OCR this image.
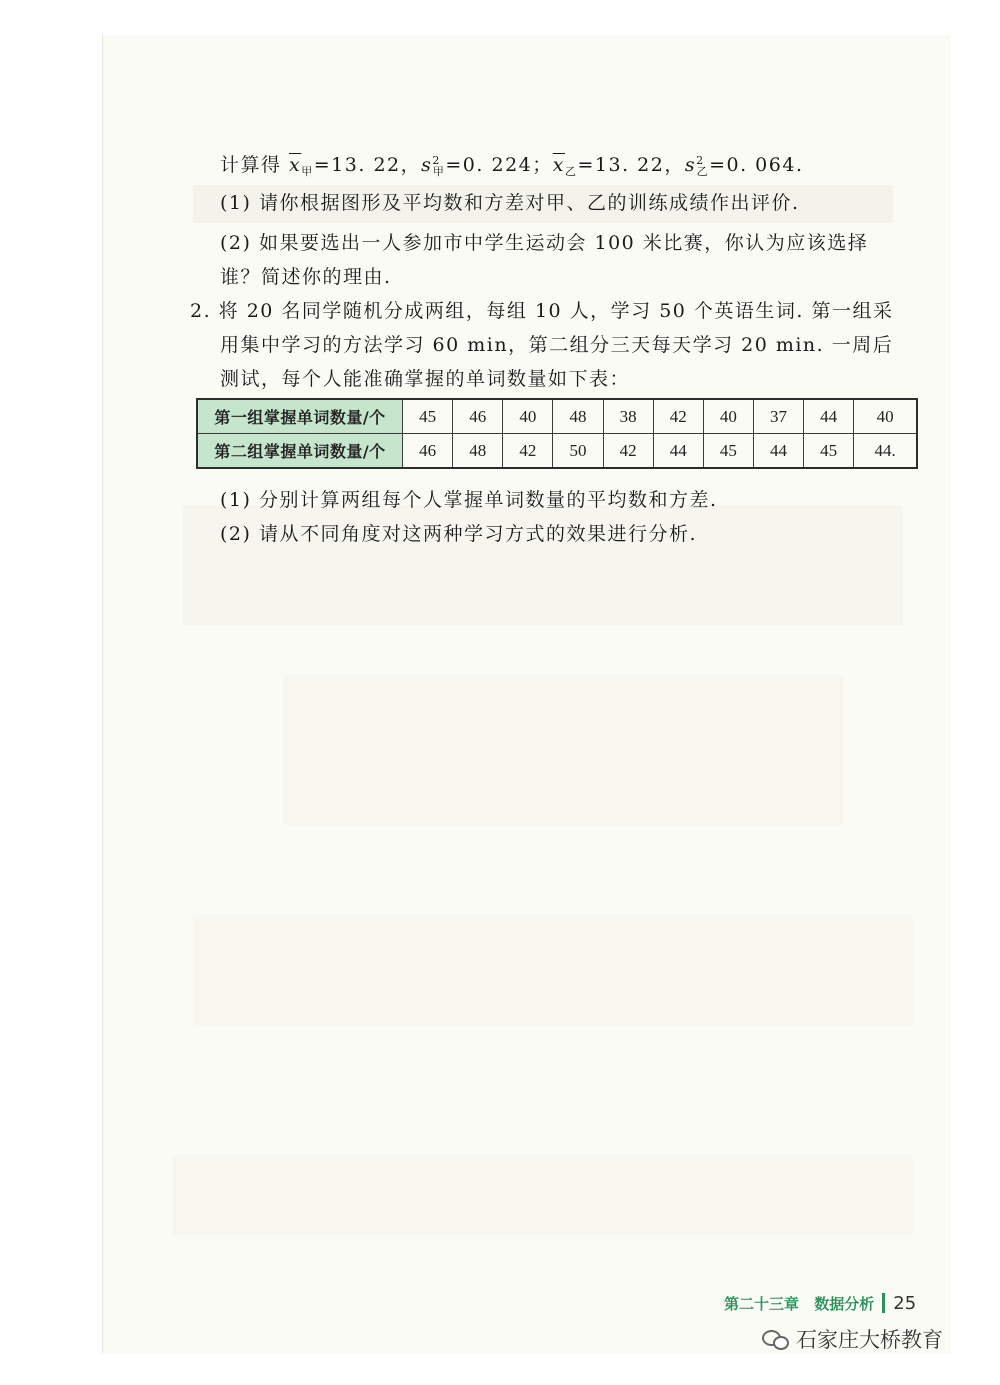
计算得 $\overline{x}_甲=13$. 22，$s^2_甲=0$. 224；$\overline{x}_乙=13$. 22，$s^2_乙=0$. 064.
(1) 请你根据图形及平均数和方差对甲、乙的训练成绩作出评价.
(2) 如果要选出一人参加市中学生运动会 100 米比赛，你认为应该选择
谁？简述你的理由.
2. 将 20 名同学随机分成两组，每组 10 人，学习 50 个英语生词. 第一组采
用集中学习的方法学习 60 min，第二组分三天每天学习 20 min. 一周后
测试，每个人能准确掌握的单词数量如下表：
第一组掌握单词数量/个	45	46	40	48	38	42	40	37	44	40
第二组掌握单词数量/个	46	48	42	50	42	44	45	44	45	44.
(1) 分别计算两组每个人掌握单词数量的平均数和方差.
(2) 请从不同角度对这两种学习方式的效果进行分析.
第二十三章 数据分析 25
石家庄大桥教育
